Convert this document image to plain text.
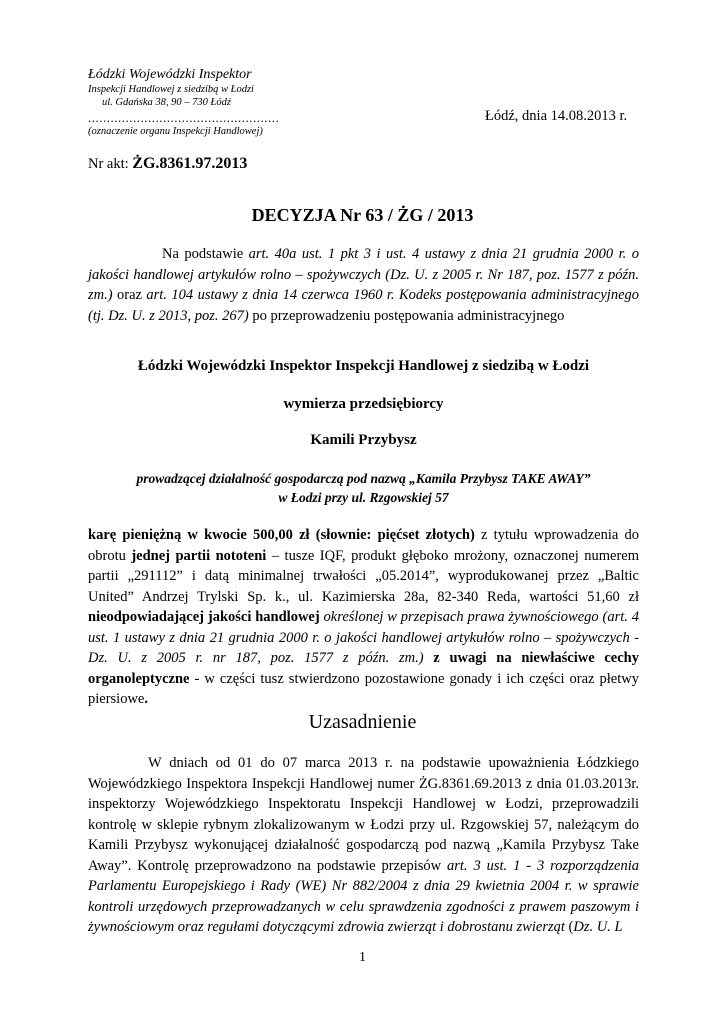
Łódzki Wojewódzki Inspektor
Inspekcji Handlowej z siedzibą w Łodzi
ul. Gdańska 38, 90 – 730 Łódź
...................................................
(oznaczenie organu Inspekcji Handlowej)
Łódź, dnia 14.08.2013 r.
Nr akt: ŻG.8361.97.2013
DECYZJA Nr 63 / ŻG / 2013
Na podstawie art. 40a ust. 1 pkt 3 i ust. 4 ustawy z dnia 21 grudnia 2000 r. o jakości handlowej artykułów rolno – spożywczych (Dz. U. z 2005 r. Nr 187, poz. 1577 z późn. zm.) oraz art. 104 ustawy z dnia 14 czerwca 1960 r. Kodeks postępowania administracyjnego (tj. Dz. U. z 2013, poz. 267) po przeprowadzeniu postępowania administracyjnego
Łódzki Wojewódzki Inspektor Inspekcji Handlowej z siedzibą w Łodzi
wymierza przedsiębiorcy
Kamili Przybysz
prowadzącej działalność gospodarczą pod nazwą „Kamila Przybysz TAKE AWAY”
w Łodzi przy ul. Rzgowskiej 57
karę pieniężną w kwocie 500,00 zł (słownie: pięćset złotych) z tytułu wprowadzenia do obrotu jednej partii nototeni – tusze IQF, produkt głęboko mrożony, oznaczonej numerem partii „291112” i datą minimalnej trwałości „05.2014”, wyprodukowanej przez „Baltic United” Andrzej Trylski Sp. k., ul. Kazimierska 28a, 82-340 Reda, wartości 51,60 zł nieodpowiadającej jakości handlowej określonej w przepisach prawa żywnościowego (art. 4 ust. 1 ustawy z dnia 21 grudnia 2000 r. o jakości handlowej artykułów rolno – spożywczych - Dz. U. z 2005 r. nr 187, poz. 1577 z późn. zm.) z uwagi na niewłaściwe cechy organoleptyczne - w części tusz stwierdzono pozostawione gonady i ich części oraz płetwy piersiowe.
Uzasadnienie
W dniach od 01 do 07 marca 2013 r. na podstawie upoważnienia Łódzkiego Wojewódzkiego Inspektora Inspekcji Handlowej numer ŻG.8361.69.2013 z dnia 01.03.2013r. inspektorzy Wojewódzkiego Inspektoratu Inspekcji Handlowej w Łodzi, przeprowadzili kontrolę w sklepie rybnym zlokalizowanym w Łodzi przy ul. Rzgowskiej 57, należącym do Kamili Przybysz wykonującej działalność gospodarczą pod nazwą „Kamila Przybysz Take Away”. Kontrolę przeprowadzono na podstawie przepisów art. 3 ust. 1 - 3 rozporządzenia Parlamentu Europejskiego i Rady (WE) Nr 882/2004 z dnia 29 kwietnia 2004 r. w sprawie kontroli urzędowych przeprowadzanych w celu sprawdzenia zgodności z prawem paszowym i żywnościowym oraz regułami dotyczącymi zdrowia zwierząt i dobrostanu zwierząt (Dz. U. L
1
